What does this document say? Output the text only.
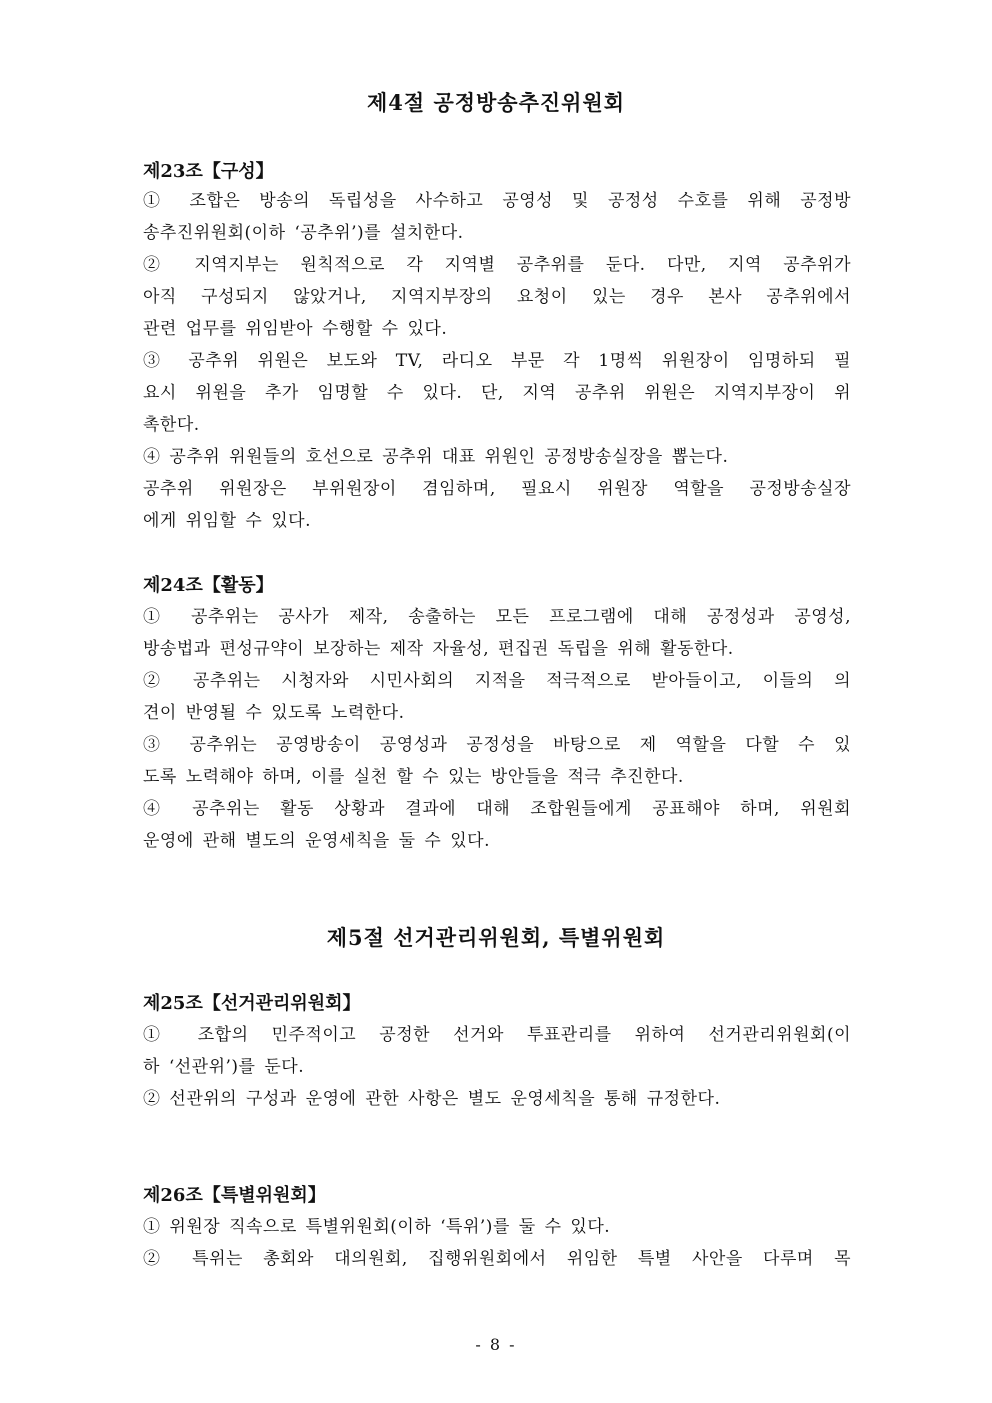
제4절 공정방송추진위원회
제23조【구성】
① 조합은 방송의 독립성을 사수하고 공영성 및 공정성 수호를 위해 공정방
송추진위원회(이하 ‘공추위’)를 설치한다.
② 지역지부는 원칙적으로 각 지역별 공추위를 둔다. 다만, 지역 공추위가
아직 구성되지 않았거나, 지역지부장의 요청이 있는 경우 본사 공추위에서
관련 업무를 위임받아 수행할 수 있다.
③ 공추위 위원은 보도와 TV, 라디오 부문 각 1명씩 위원장이 임명하되 필
요시 위원을 추가 임명할 수 있다. 단, 지역 공추위 위원은 지역지부장이 위
촉한다.
④ 공추위 위원들의 호선으로 공추위 대표 위원인 공정방송실장을 뽑는다.
공추위 위원장은 부위원장이 겸임하며, 필요시 위원장 역할을 공정방송실장
에게 위임할 수 있다.
제24조【활동】
① 공추위는 공사가 제작, 송출하는 모든 프로그램에 대해 공정성과 공영성,
방송법과 편성규약이 보장하는 제작 자율성, 편집권 독립을 위해 활동한다.
② 공추위는 시청자와 시민사회의 지적을 적극적으로 받아들이고, 이들의 의
견이 반영될 수 있도록 노력한다.
③ 공추위는 공영방송이 공영성과 공정성을 바탕으로 제 역할을 다할 수 있
도록 노력해야 하며, 이를 실천 할 수 있는 방안들을 적극 추진한다.
④ 공추위는 활동 상황과 결과에 대해 조합원들에게 공표해야 하며, 위원회
운영에 관해 별도의 운영세칙을 둘 수 있다.
제5절 선거관리위원회, 특별위원회
제25조【선거관리위원회】
① 조합의 민주적이고 공정한 선거와 투표관리를 위하여 선거관리위원회(이
하 ‘선관위’)를 둔다.
② 선관위의 구성과 운영에 관한 사항은 별도 운영세칙을 통해 규정한다.
제26조【특별위원회】
① 위원장 직속으로 특별위원회(이하 ‘특위’)를 둘 수 있다.
② 특위는 총회와 대의원회, 집행위원회에서 위임한 특별 사안을 다루며 목
- 8 -
